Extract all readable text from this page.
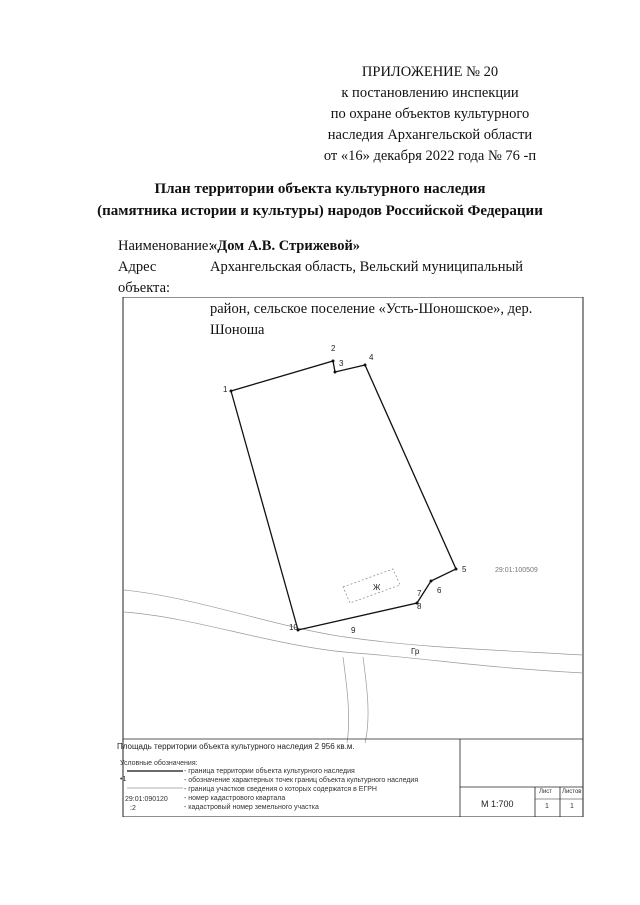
ПРИЛОЖЕНИЕ № 20
к постановлению инспекции
по охране объектов культурного
наследия Архангельской области
от «16» декабря 2022 года № 76 -п
План территории объекта культурного наследия
(памятника истории и культуры) народов Российской Федерации
Наименование:
«Дом А.В. Стрижевой»
Адрес объекта:
Архангельская область, Вельский муниципальный
район, сельское поселение «Усть-Шоношское», дер. Шоноша
1
2
3
4
5
6
7
8
9
10
29:01:100509
Ж
Гр
М 1:700
Лист Листов
1	1
Площадь территории объекта культурного наследия 2 956 кв.м.
Условные обозначения:
•1
29:01:090120
:2
- граница территории объекта культурного наследия
- обозначение характерных точек границ объекта культурного наследия
- граница участков сведения о которых содержатся в ЕГРН
- номер кадастрового квартала
- кадастровый номер земельного участка
